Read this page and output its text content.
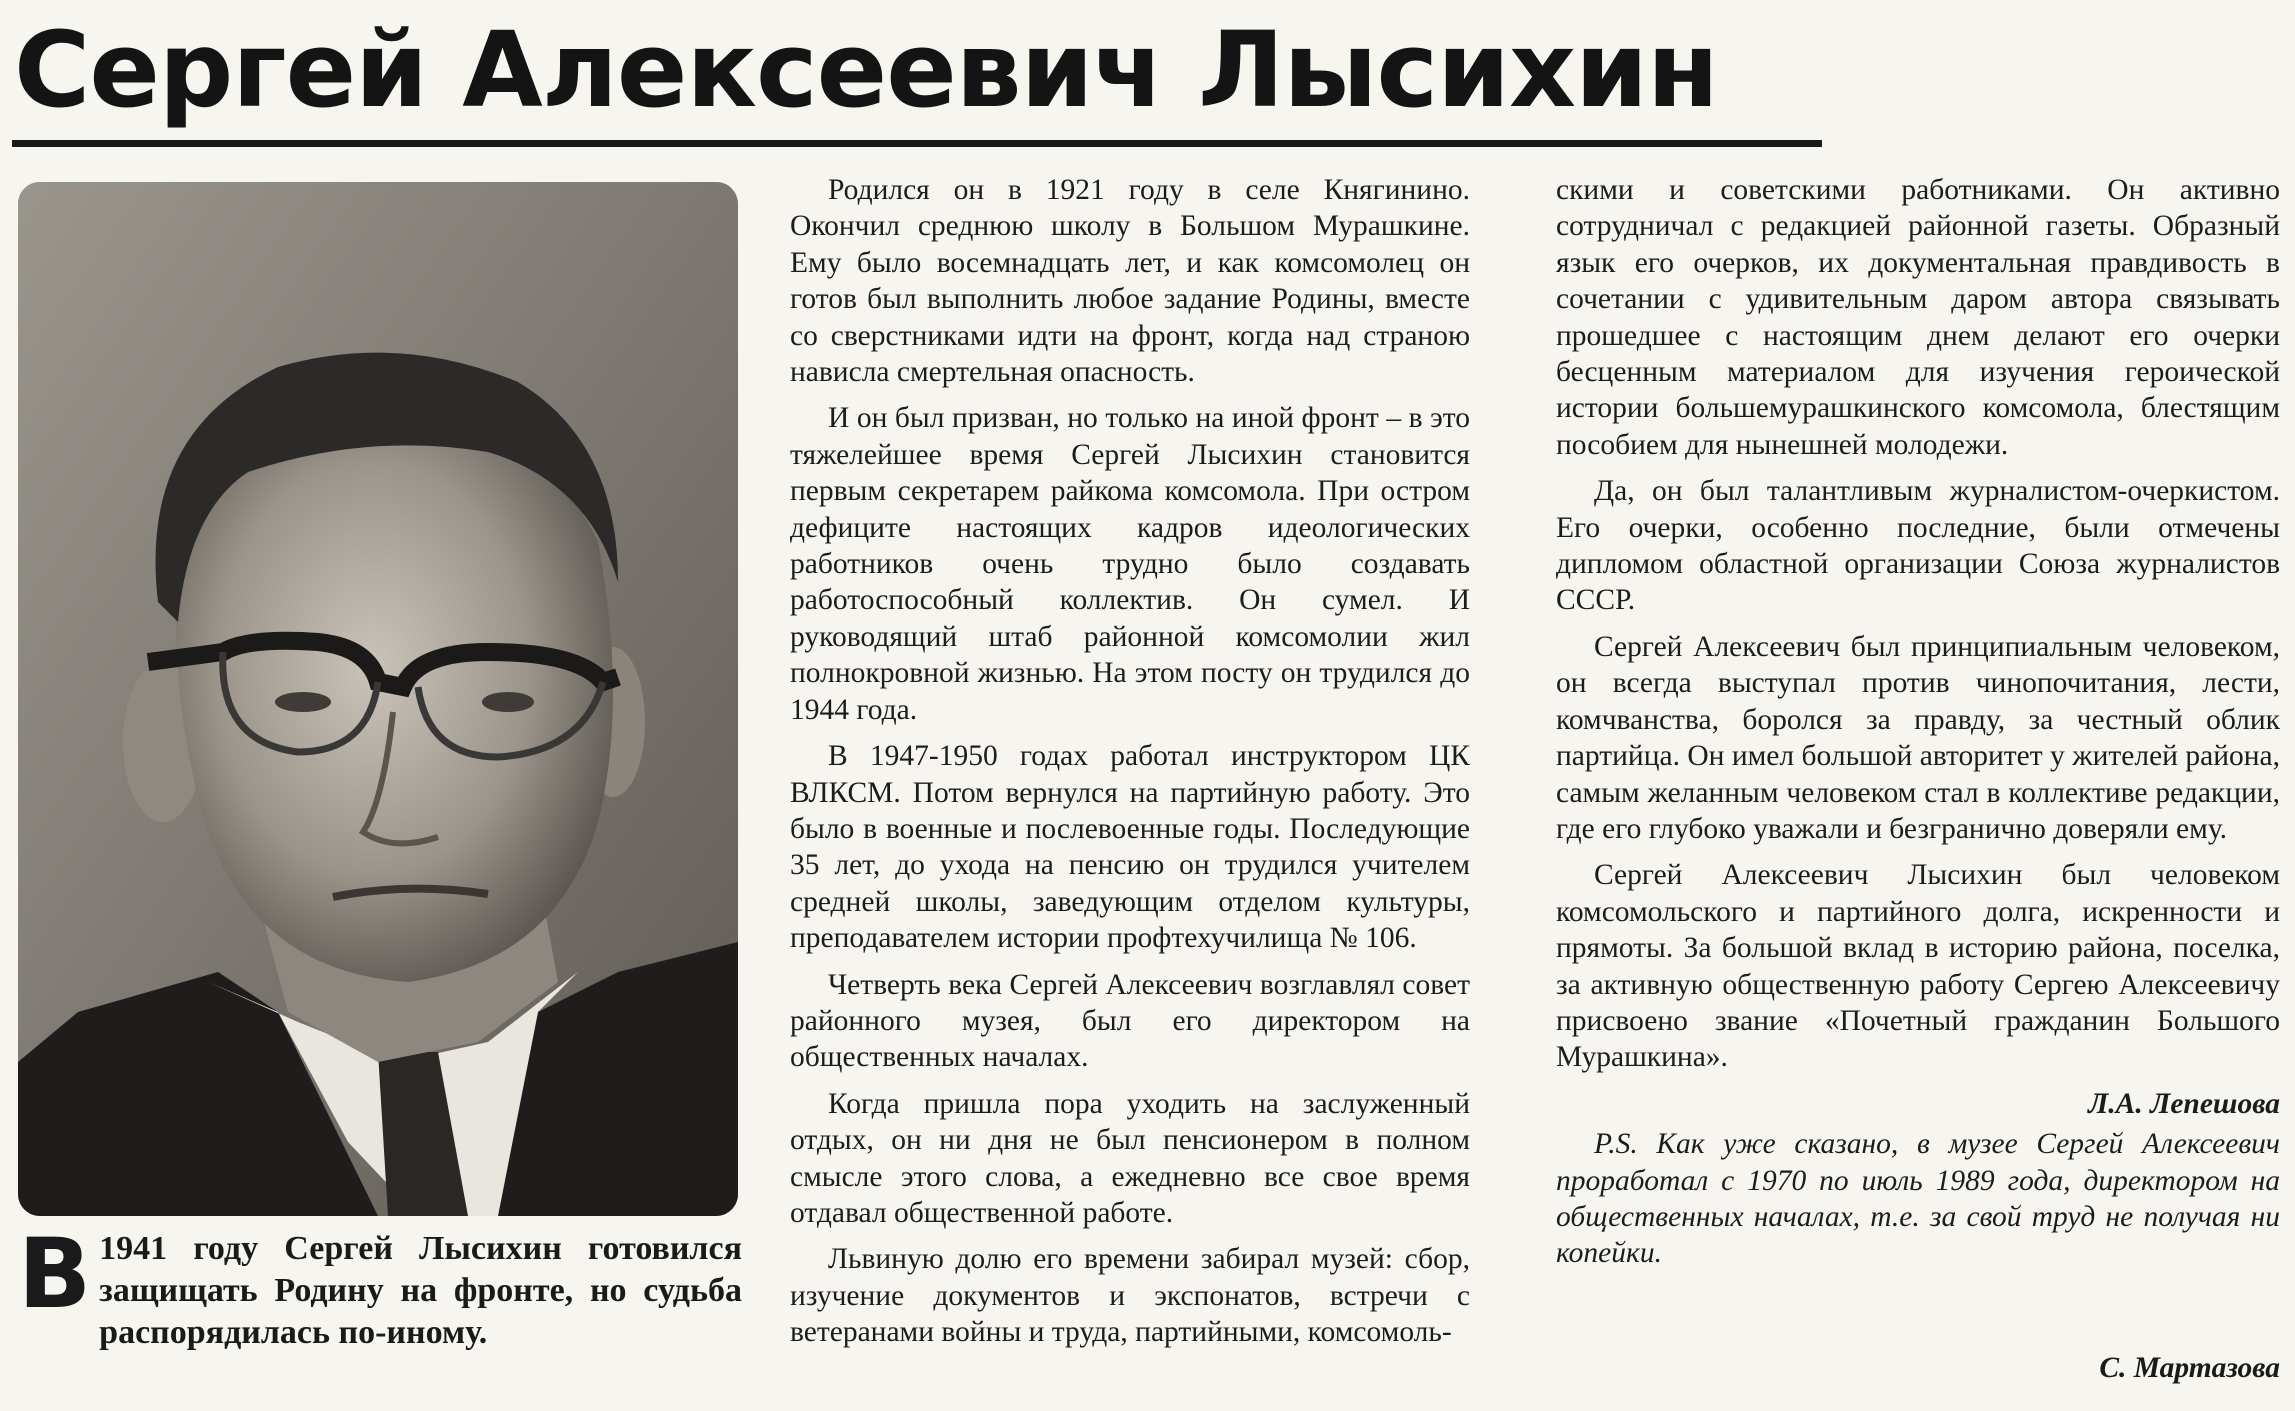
Сергей Алексеевич Лысихин

В 1941 году Сергей Лысихин готовился защищать Родину на фронте, но судьба распорядилась по-иному.

Родился он в 1921 году в селе Княгинино. Окончил среднюю школу в Большом Мурашкине. Ему было восемнадцать лет, и как комсомолец он готов был выполнить любое задание Родины, вместе со сверстниками идти на фронт, когда над страною нависла смертельная опасность.

И он был призван, но только на иной фронт – в это тяжелейшее время Сергей Лысихин становится первым секретарем райкома комсомола. При остром дефиците настоящих кадров идеологических работников очень трудно было создавать работоспособный коллектив. Он сумел. И руководящий штаб районной комсомолии жил полнокровной жизнью. На этом посту он трудился до 1944 года.

В 1947-1950 годах работал инструктором ЦК ВЛКСМ. Потом вернулся на партийную работу. Это было в военные и послевоенные годы. Последующие 35 лет, до ухода на пенсию он трудился учителем средней школы, заведующим отделом культуры, преподавателем истории профтехучилища № 106.

Четверть века Сергей Алексеевич возглавлял совет районного музея, был его директором на общественных началах.

Когда пришла пора уходить на заслуженный отдых, он ни дня не был пенсионером в полном смысле этого слова, а ежедневно все свое время отдавал общественной работе.

Львиную долю его времени забирал музей: сбор, изучение документов и экспонатов, встречи с ветеранами войны и труда, партийными, комсомоль-

скими и советскими работниками. Он активно сотрудничал с редакцией районной газеты. Образный язык его очерков, их документальная правдивость в сочетании с удивительным даром автора связывать прошедшее с настоящим днем делают его очерки бесценным материалом для изучения героической истории большемурашкинского комсомола, блестящим пособием для нынешней молодежи.

Да, он был талантливым журналистом-очеркистом. Его очерки, особенно последние, были отмечены дипломом областной организации Союза журналистов СССР.

Сергей Алексеевич был принципиальным человеком, он всегда выступал против чинопочитания, лести, комчванства, боролся за правду, за честный облик партийца. Он имел большой авторитет у жителей района, самым желанным человеком стал в коллективе редакции, где его глубоко уважали и безгранично доверяли ему.

Сергей Алексеевич Лысихин был человеком комсомольского и партийного долга, искренности и прямоты. За большой вклад в историю района, поселка, за активную общественную работу Сергею Алексеевичу присвоено звание «Почетный гражданин Большого Мурашкина».

Л.А. Лепешова

P.S. Как уже сказано, в музее Сергей Алексеевич проработал с 1970 по июль 1989 года, директором на общественных началах, т.е. за свой труд не получая ни копейки.

С. Мартазова
